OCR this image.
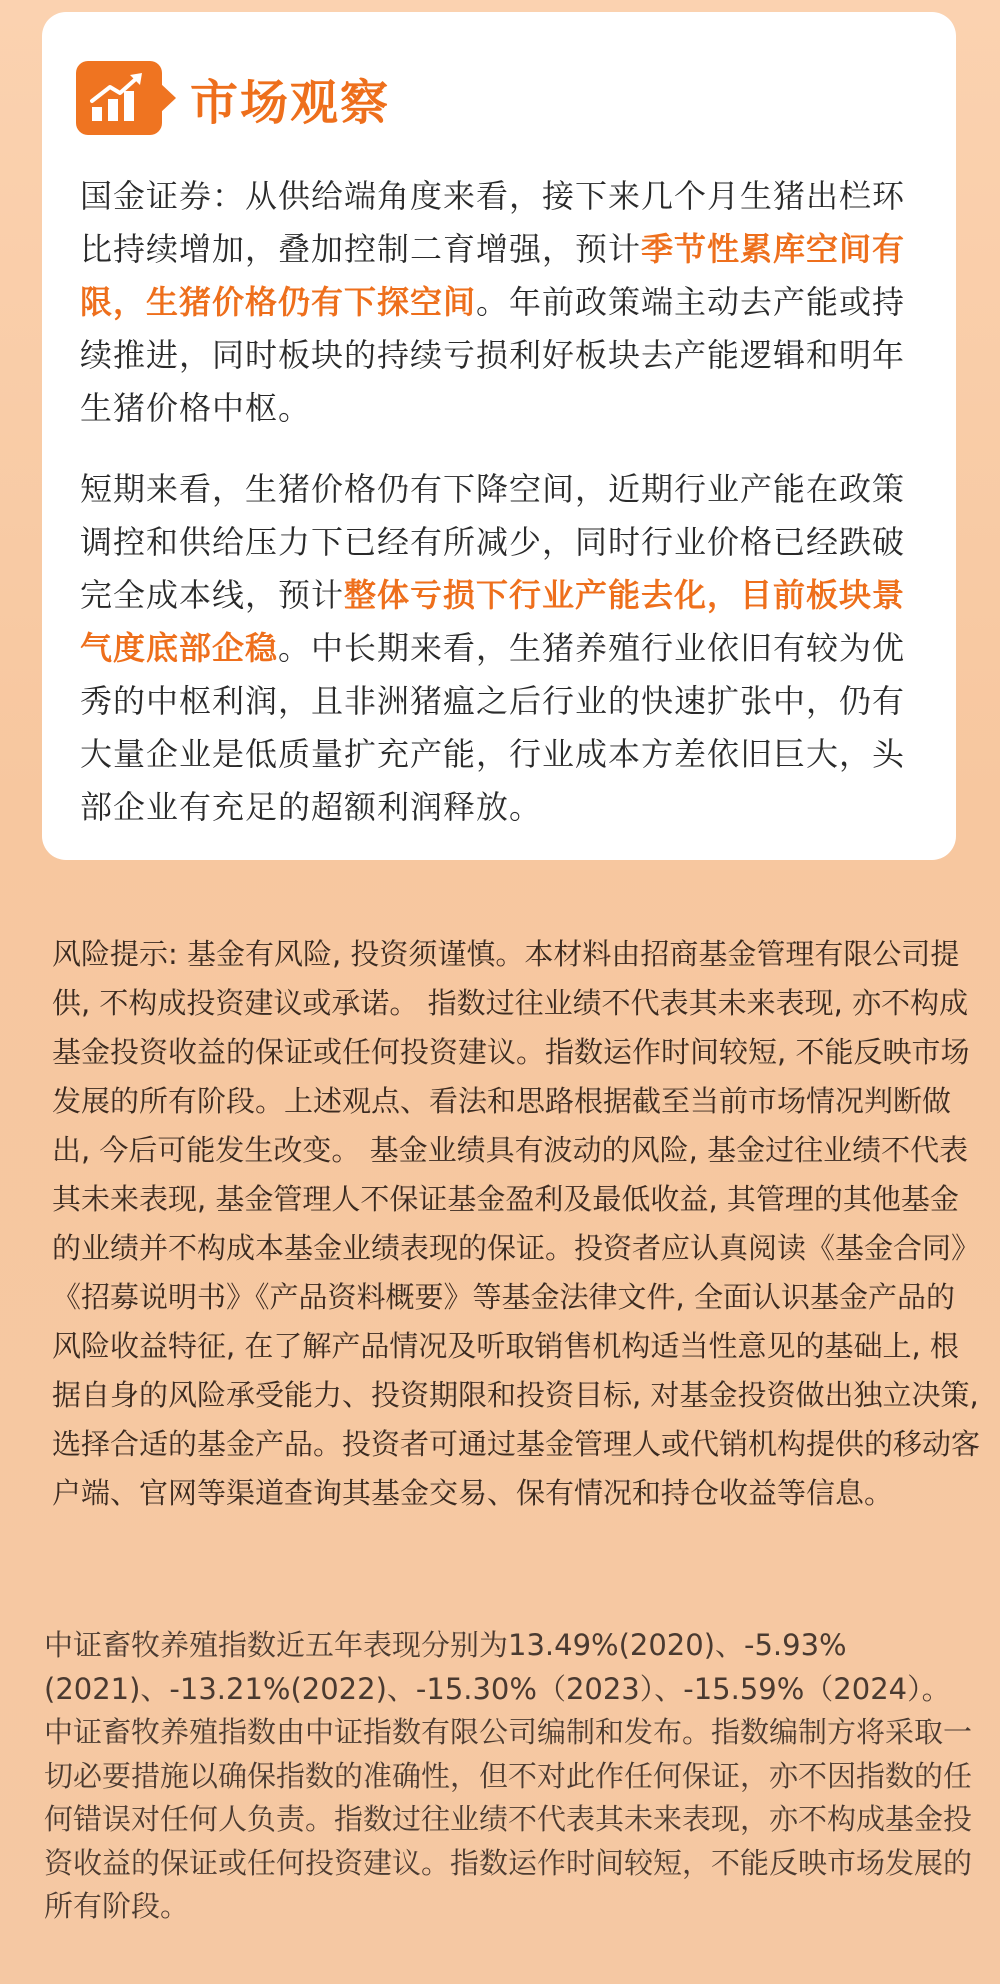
市场观察

国金证券：从供给端角度来看，接下来几个月生猪出栏环比持续增加，叠加控制二育增强，预计季节性累库空间有限，生猪价格仍有下探空间。年前政策端主动去产能或持续推进，同时板块的持续亏损利好板块去产能逻辑和明年生猪价格中枢。

短期来看，生猪价格仍有下降空间，近期行业产能在政策调控和供给压力下已经有所减少，同时行业价格已经跌破完全成本线，预计整体亏损下行业产能去化，目前板块景气度底部企稳。中长期来看，生猪养殖行业依旧有较为优秀的中枢利润，且非洲猪瘟之后行业的快速扩张中，仍有大量企业是低质量扩充产能，行业成本方差依旧巨大，头部企业有充足的超额利润释放。

风险提示: 基金有风险, 投资须谨慎。本材料由招商基金管理有限公司提供, 不构成投资建议或承诺。 指数过往业绩不代表其未来表现, 亦不构成基金投资收益的保证或任何投资建议。指数运作时间较短, 不能反映市场发展的所有阶段。上述观点、看法和思路根据截至当前市场情况判断做出, 今后可能发生改变。 基金业绩具有波动的风险, 基金过往业绩不代表其未来表现, 基金管理人不保证基金盈利及最低收益, 其管理的其他基金的业绩并不构成本基金业绩表现的保证。投资者应认真阅读《基金合同》《招募说明书》《产品资料概要》等基金法律文件, 全面认识基金产品的风险收益特征, 在了解产品情况及听取销售机构适当性意见的基础上, 根据自身的风险承受能力、投资期限和投资目标, 对基金投资做出独立决策, 选择合适的基金产品。投资者可通过基金管理人或代销机构提供的移动客户端、官网等渠道查询其基金交易、保有情况和持仓收益等信息。

中证畜牧养殖指数近五年表现分别为13.49%(2020)、-5.93%(2021)、-13.21%(2022)、-15.30%（2023）、-15.59%（2024）。中证畜牧养殖指数由中证指数有限公司编制和发布。指数编制方将采取一切必要措施以确保指数的准确性，但不对此作任何保证，亦不因指数的任何错误对任何人负责。指数过往业绩不代表其未来表现，亦不构成基金投资收益的保证或任何投资建议。指数运作时间较短，不能反映市场发展的所有阶段。
